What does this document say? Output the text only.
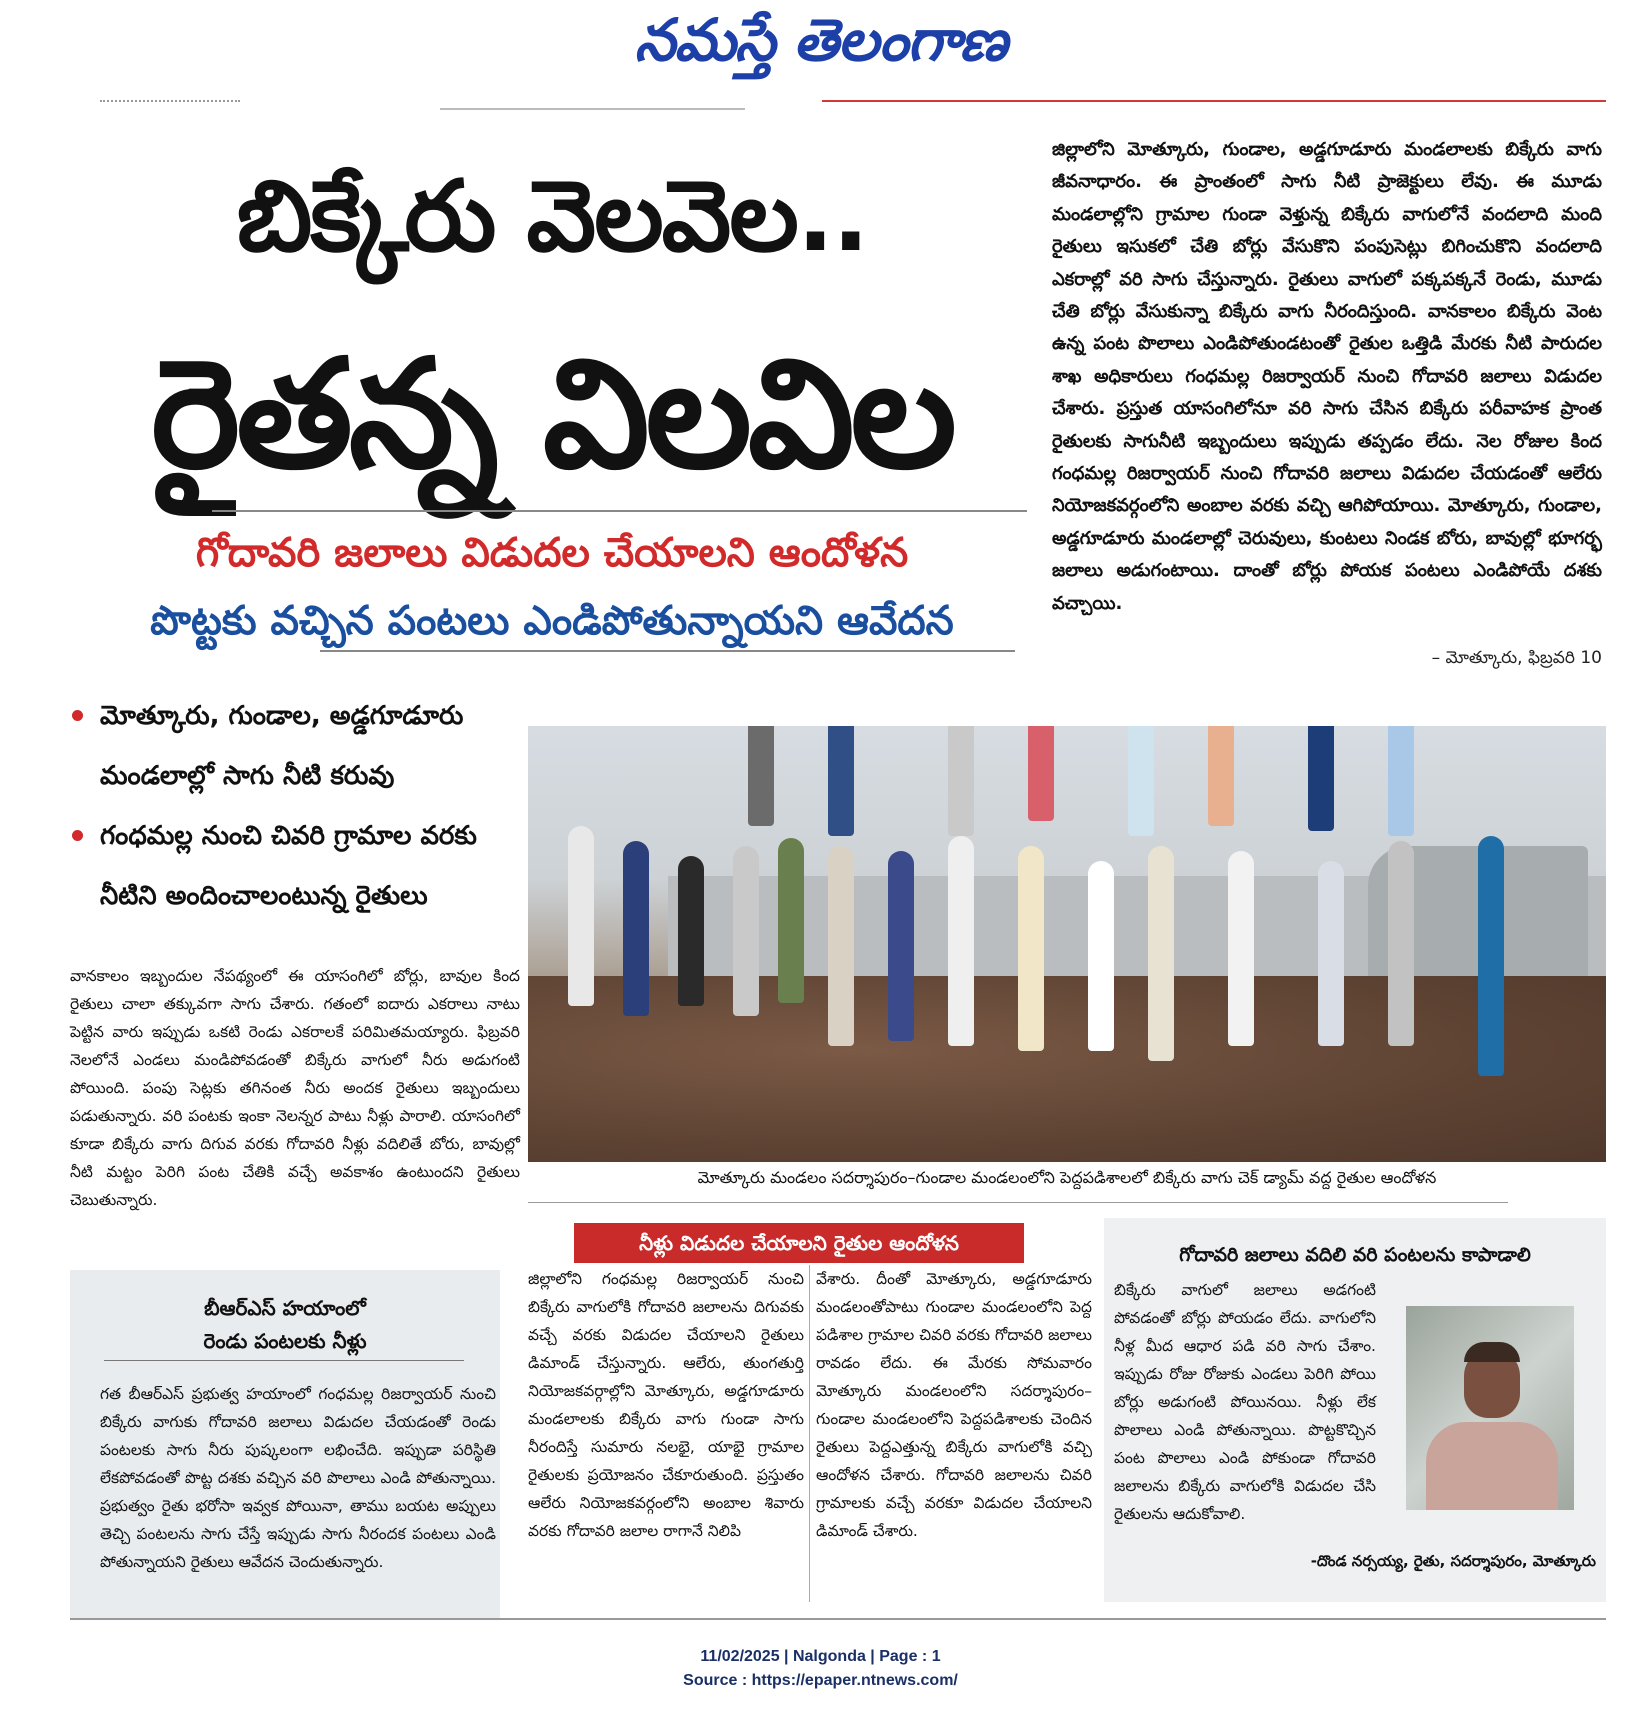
నమస్తే తెలంగాణ
బిక్కేరు వెలవెల..
రైతన్న విలవిల
గోదావరి జలాలు విడుదల చేయాలని ఆందోళన
పొట్టకు వచ్చిన పంటలు ఎండిపోతున్నాయని ఆవేదన
జిల్లాలోని మోత్కూరు, గుండాల, అడ్డగూడూరు మండలాలకు బిక్కేరు వాగు జీవనాధారం. ఈ ప్రాంతంలో సాగు నీటి ప్రాజెక్టులు లేవు. ఈ మూడు మండలాల్లోని గ్రామాల గుండా వెళ్తున్న బిక్కేరు వాగులోనే వందలాది మంది రైతులు ఇసుకలో చేతి బోర్లు వేసుకొని పంపుసెట్లు బిగించుకొని వందలాది ఎకరాల్లో వరి సాగు చేస్తున్నారు. రైతులు వాగులో పక్కపక్కనే రెండు, మూడు చేతి బోర్లు వేసుకున్నా బిక్కేరు వాగు నీరందిస్తుంది. వానకాలం బిక్కేరు వెంట ఉన్న పంట పొలాలు ఎండిపోతుండటంతో రైతుల ఒత్తిడి మేరకు నీటి పారుదల శాఖ అధికారులు గంధమల్ల రిజర్వాయర్ నుంచి గోదావరి జలాలు విడుదల చేశారు. ప్రస్తుత యాసంగిలోనూ వరి సాగు చేసిన బిక్కేరు పరీవాహక ప్రాంత రైతులకు సాగునీటి ఇబ్బందులు ఇప్పుడు తప్పడం లేదు. నెల రోజుల కింద గంధమల్ల రిజర్వాయర్ నుంచి గోదావరి జలాలు విడుదల చేయడంతో ఆలేరు నియోజకవర్గంలోని అంబాల వరకు వచ్చి ఆగిపోయాయి. మోత్కూరు, గుండాల, అడ్డగూడూరు మండలాల్లో చెరువులు, కుంటలు నిండక బోరు, బావుల్లో భూగర్భ జలాలు అడుగంటాయి. దాంతో బోర్లు పోయక పంటలు ఎండిపోయే దశకు వచ్చాయి.
– మోత్కూరు, ఫిబ్రవరి 10
మోత్కూరు, గుండాల, అడ్డగూడూరు మండలాల్లో సాగు నీటి కరువు
గంధమల్ల నుంచి చివరి గ్రామాల వరకు నీటిని అందించాలంటున్న రైతులు
మోత్కూరు మండలం సదర్శాపురం–గుండాల మండలంలోని పెద్దపడిశాలలో బిక్కేరు వాగు చెక్ డ్యామ్ వద్ద రైతుల ఆందోళన
వానకాలం ఇబ్బందుల నేపథ్యంలో ఈ యాసంగిలో బోర్లు, బావుల కింద రైతులు చాలా తక్కువగా సాగు చేశారు. గతంలో ఐదారు ఎకరాలు నాటు పెట్టిన వారు ఇప్పుడు ఒకటి రెండు ఎకరాలకే పరిమితమయ్యారు. ఫిబ్రవరి నెలలోనే ఎండలు మండిపోవడంతో బిక్కేరు వాగులో నీరు అడుగంటి పోయింది. పంపు సెట్లకు తగినంత నీరు అందక రైతులు ఇబ్బందులు పడుతున్నారు. వరి పంటకు ఇంకా నెలన్నర పాటు నీళ్లు పారాలి. యాసంగిలో కూడా బిక్కేరు వాగు దిగువ వరకు గోదావరి నీళ్లు వదిలితే బోరు, బావుల్లో నీటి మట్టం పెరిగి పంట చేతికి వచ్చే అవకాశం ఉంటుందని రైతులు చెబుతున్నారు.
బీఆర్ఎస్ హయాంలో
రెండు పంటలకు నీళ్లు
గత బీఆర్ఎస్ ప్రభుత్వ హయాంలో గంధమల్ల రిజర్వాయర్ నుంచి బిక్కేరు వాగుకు గోదావరి జలాలు విడుదల చేయడంతో రెండు పంటలకు సాగు నీరు పుష్కలంగా లభించేది. ఇప్పుడా పరిస్థితి లేకపోవడంతో పొట్ట దశకు వచ్చిన వరి పొలాలు ఎండి పోతున్నాయి. ప్రభుత్వం రైతు భరోసా ఇవ్వక పోయినా, తాము బయట అప్పులు తెచ్చి పంటలను సాగు చేస్తే ఇప్పుడు సాగు నీరందక పంటలు ఎండి పోతున్నాయని రైతులు ఆవేదన చెందుతున్నారు.
నీళ్లు విడుదల చేయాలని రైతుల ఆందోళన
జిల్లాలోని గంధమల్ల రిజర్వాయర్ నుంచి బిక్కేరు వాగులోకి గోదావరి జలాలను దిగువకు వచ్చే వరకు విడుదల చేయాలని రైతులు డిమాండ్ చేస్తున్నారు. ఆలేరు, తుంగతుర్తి నియోజకవర్గాల్లోని మోత్కూరు, అడ్డగూడూరు మండలాలకు బిక్కేరు వాగు గుండా సాగు నీరందిస్తే సుమారు నలభై, యాభై గ్రామాల రైతులకు ప్రయోజనం చేకూరుతుంది. ప్రస్తుతం ఆలేరు నియోజకవర్గంలోని అంబాల శివారు వరకు గోదావరి జలాల రాగానే నిలిపి
వేశారు. దీంతో మోత్కూరు, అడ్డగూడూరు మండలంతోపాటు గుండాల మండలంలోని పెద్ద పడిశాల గ్రామాల చివరి వరకు గోదావరి జలాలు రావడం లేదు. ఈ మేరకు సోమవారం మోత్కూరు మండలంలోని సదర్శాపురం–గుండాల మండలంలోని పెద్దపడిశాలకు చెందిన రైతులు పెద్దఎత్తున్న బిక్కేరు వాగులోకి వచ్చి ఆందోళన చేశారు. గోదావరి జలాలను చివరి గ్రామాలకు వచ్చే వరకూ విడుదల చేయాలని డిమాండ్ చేశారు.
గోదావరి జలాలు వదిలి వరి పంటలను కాపాడాలి
బిక్కేరు వాగులో జలాలు అడగంటి పోవడంతో బోర్లు పోయడం లేదు. వాగులోని నీళ్ల మీద ఆధార పడి వరి సాగు చేశాం. ఇప్పుడు రోజు రోజుకు ఎండలు పెరిగి పోయి బోర్లు అడుగంటి పోయినయి. నీళ్లు లేక పొలాలు ఎండి పోతున్నాయి. పొట్టకొచ్చిన పంట పొలాలు ఎండి పోకుండా గోదావరి జలాలను బిక్కేరు వాగులోకి విడుదల చేసి రైతులను ఆదుకోవాలి.
-దొండ నర్సయ్య, రైతు, సదర్శాపురం, మోత్కూరు
11/02/2025 | Nalgonda | Page : 1
Source : https://epaper.ntnews.com/
